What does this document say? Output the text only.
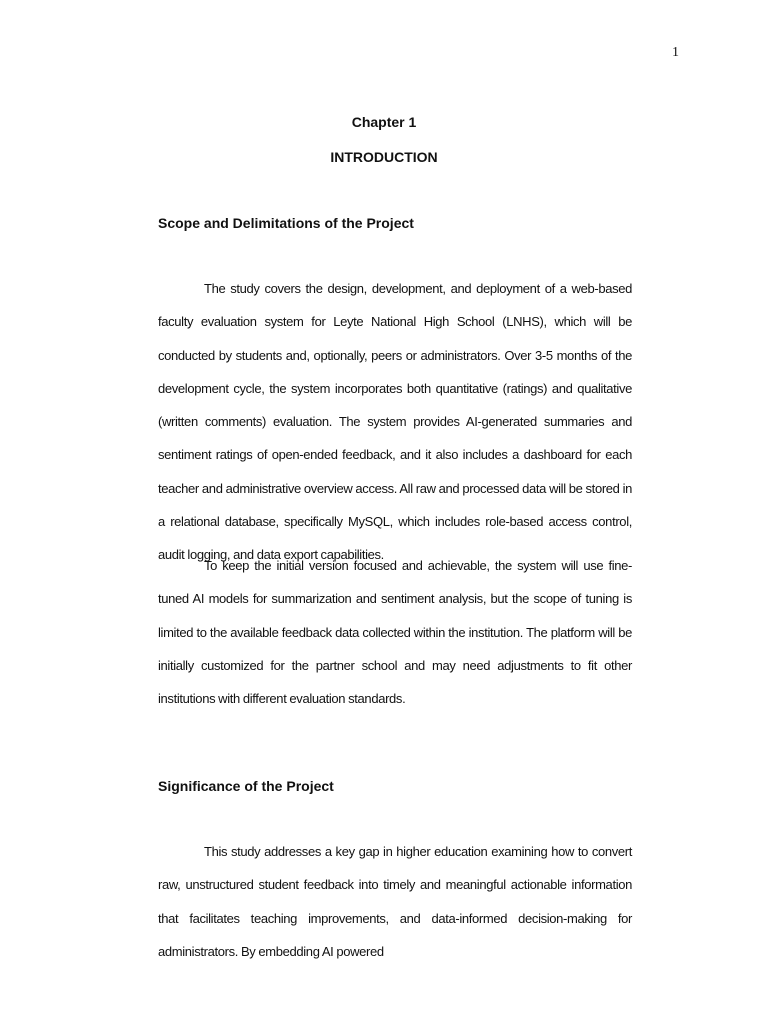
1
Chapter 1
INTRODUCTION
Scope and Delimitations of the Project

The study covers the design, development, and deployment of a web-based faculty evaluation system for Leyte National High School (LNHS), which will be conducted by students and, optionally, peers or administrators. Over 3-5 months of the development cycle, the system incorporates both quantitative (ratings) and qualitative (written comments) evaluation. The system provides AI-generated summaries and sentiment ratings of open-ended feedback, and it also includes a dashboard for each teacher and administrative overview access. All raw and processed data will be stored in a relational database, specifically MySQL, which includes role-based access control, audit logging, and data export capabilities.

To keep the initial version focused and achievable, the system will use fine-tuned AI models for summarization and sentiment analysis, but the scope of tuning is limited to the available feedback data collected within the institution. The platform will be initially customized for the partner school and may need adjustments to fit other institutions with different evaluation standards.

Significance of the Project

This study addresses a key gap in higher education examining how to convert raw, unstructured student feedback into timely and meaningful actionable information that facilitates teaching improvements, and data-informed decision-making for administrators. By embedding AI powered
